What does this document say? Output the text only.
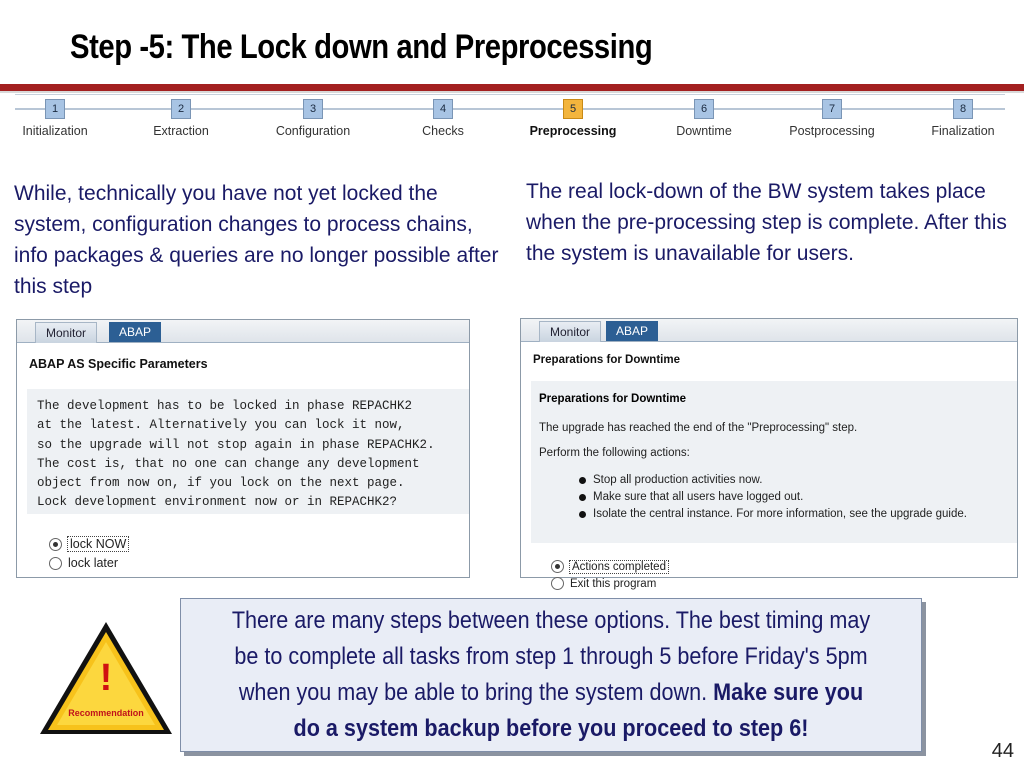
Step -5: The Lock down and Preprocessing
1
Initialization
2
Extraction
3
Configuration
4
Checks
5
Preprocessing
6
Downtime
7
Postprocessing
8
Finalization
While, technically you have not yet locked the system, configuration changes to process chains, info packages & queries are no longer possible after this step
The real lock-down of the BW system takes place when the pre-processing step is complete. After this the system is unavailable for users.
Monitor	ABAP
ABAP AS Specific Parameters
The development has to be locked in phase REPACHK2
at the latest. Alternatively you can lock it now,
so the upgrade will not stop again in phase REPACHK2.
The cost is, that no one can change any development
object from now on, if you lock on the next page.
Lock development environment now or in REPACHK2?
lock NOW
lock later
Monitor	ABAP
Preparations for Downtime
Preparations for Downtime
The upgrade has reached the end of the "Preprocessing" step.
Perform the following actions:
Stop all production activities now.
Make sure that all users have logged out.
Isolate the central instance. For more information, see the upgrade guide.
Actions completed
Exit this program
!
Recommendation
There are many steps between these options. The best timing may be to complete all tasks from step 1 through 5 before Friday's 5pm when you may be able to bring the system down. Make sure you do a system backup before you proceed to step 6!
44
